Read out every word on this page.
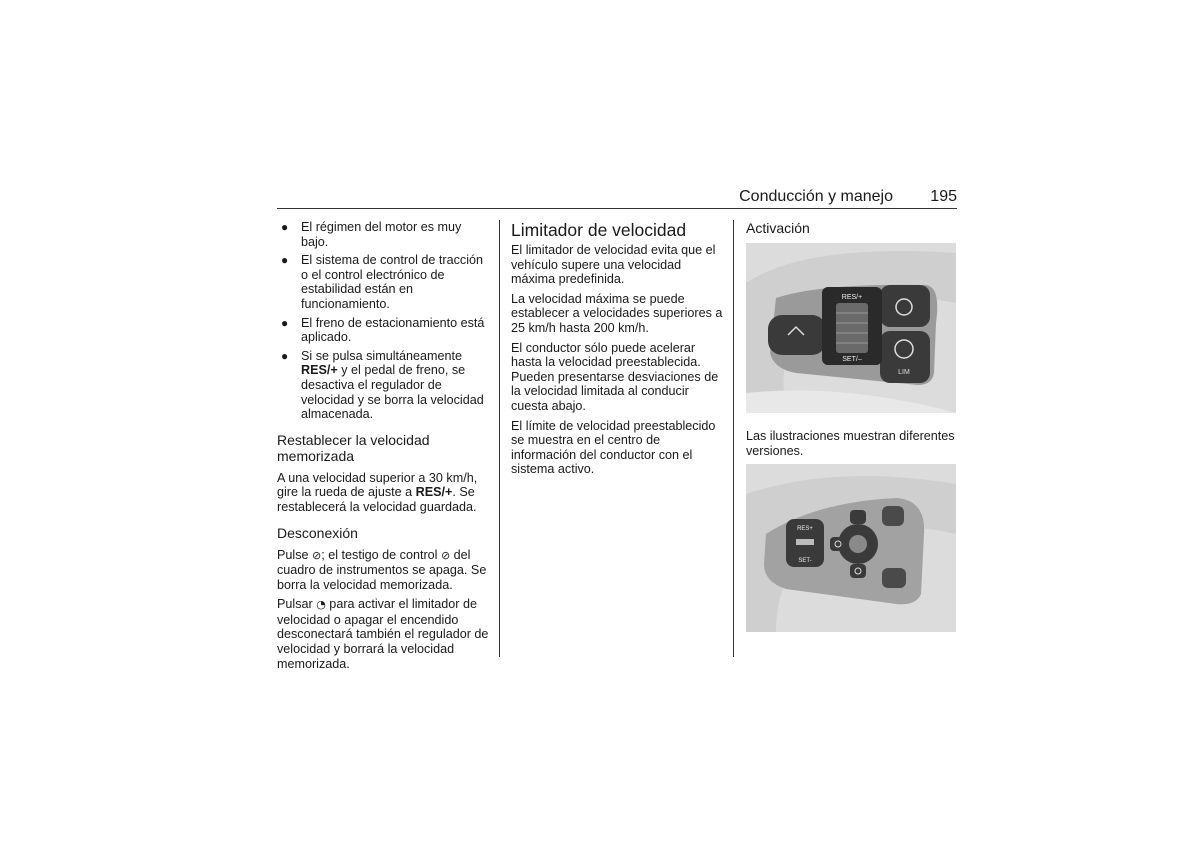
Conducción y manejo 195
● El régimen del motor es muy bajo.
● El sistema de control de tracción o el control electrónico de estabilidad están en funcionamiento.
● El freno de estacionamiento está aplicado.
● Si se pulsa simultáneamente RES/+ y el pedal de freno, se desactiva el regulador de velocidad y se borra la velocidad almacenada.
Restablecer la velocidad memorizada

A una velocidad superior a 30 km/h, gire la rueda de ajuste a RES/+. Se restablecerá la velocidad guardada.

Desconexión

Pulse ⊘; el testigo de control ⊘ del cuadro de instrumentos se apaga. Se borra la velocidad memorizada.

Pulsar ◔ para activar el limitador de velocidad o apagar el encendido desconectará también el regulador de velocidad y borrará la velocidad memorizada.

Limitador de velocidad

El limitador de velocidad evita que el vehículo supere una velocidad máxima predefinida.

La velocidad máxima se puede establecer a velocidades superiores a 25 km/h hasta 200 km/h.

El conductor sólo puede acelerar hasta la velocidad preestablecida. Pueden presentarse desviaciones de la velocidad limitada al conducir cuesta abajo.

El límite de velocidad preestablecido se muestra en el centro de información del conductor con el sistema activo.

Activación
LIM
RES/+
SET/–

Las ilustraciones muestran diferentes versiones.

RES+
SET-
